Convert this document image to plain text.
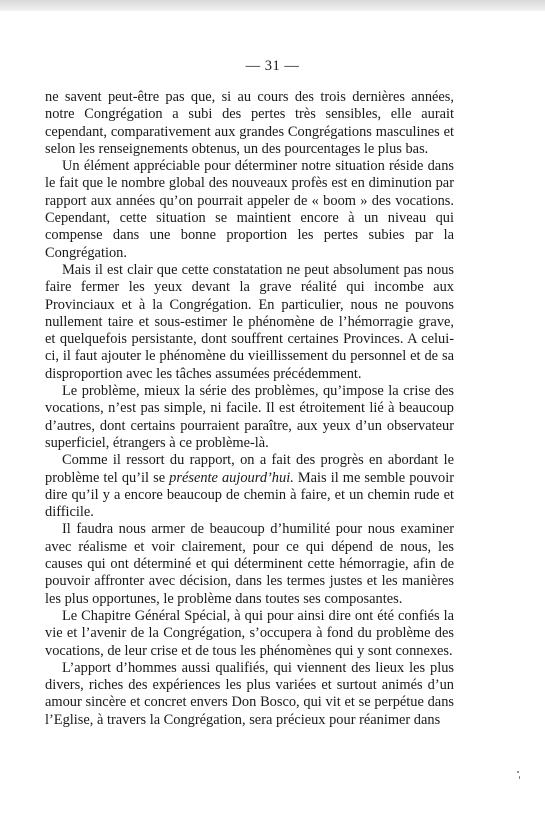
— 31 —

ne savent peut-être pas que, si au cours des trois dernières années, notre Congrégation a subi des pertes très sensibles, elle aurait cependant, comparativement aux grandes Congrégations masculines et selon les renseignements obtenus, un des pourcentages le plus bas.

Un élément appréciable pour déterminer notre situation réside dans le fait que le nombre global des nouveaux profès est en diminution par rapport aux années qu’on pourrait appeler de « boom » des vocations. Cependant, cette situation se maintient encore à un niveau qui compense dans une bonne proportion les pertes subies par la Congrégation.

Mais il est clair que cette constatation ne peut absolument pas nous faire fermer les yeux devant la grave réalité qui incombe aux Provinciaux et à la Congrégation. En particulier, nous ne pouvons nullement taire et sous-estimer le phénomène de l’hémorragie grave, et quelquefois persistante, dont souffrent certaines Provinces. A celui-ci, il faut ajouter le phénomène du vieillissement du personnel et de sa disproportion avec les tâches assumées précédemment.

Le problème, mieux la série des problèmes, qu’impose la crise des vocations, n’est pas simple, ni facile. Il est étroitement lié à beaucoup d’autres, dont certains pourraient paraître, aux yeux d’un observateur superficiel, étrangers à ce problème-là.

Comme il ressort du rapport, on a fait des progrès en abordant le problème tel qu’il se présente aujourd’hui. Mais il me semble pouvoir dire qu’il y a encore beaucoup de chemin à faire, et un chemin rude et difficile.

Il faudra nous armer de beaucoup d’humilité pour nous examiner avec réalisme et voir clairement, pour ce qui dépend de nous, les causes qui ont déterminé et qui déterminent cette hémorragie, afin de pouvoir affronter avec décision, dans les termes justes et les manières les plus opportunes, le problème dans toutes ses composantes.

Le Chapitre Général Spécial, à qui pour ainsi dire ont été confiés la vie et l’avenir de la Congrégation, s’occupera à fond du problème des vocations, de leur crise et de tous les phénomènes qui y sont connexes.

L’apport d’hommes aussi qualifiés, qui viennent des lieux les plus divers, riches des expériences les plus variées et surtout animés d’un amour sincère et concret envers Don Bosco, qui vit et se perpétue dans l’Eglise, à travers la Congrégation, sera précieux pour réanimer dans
